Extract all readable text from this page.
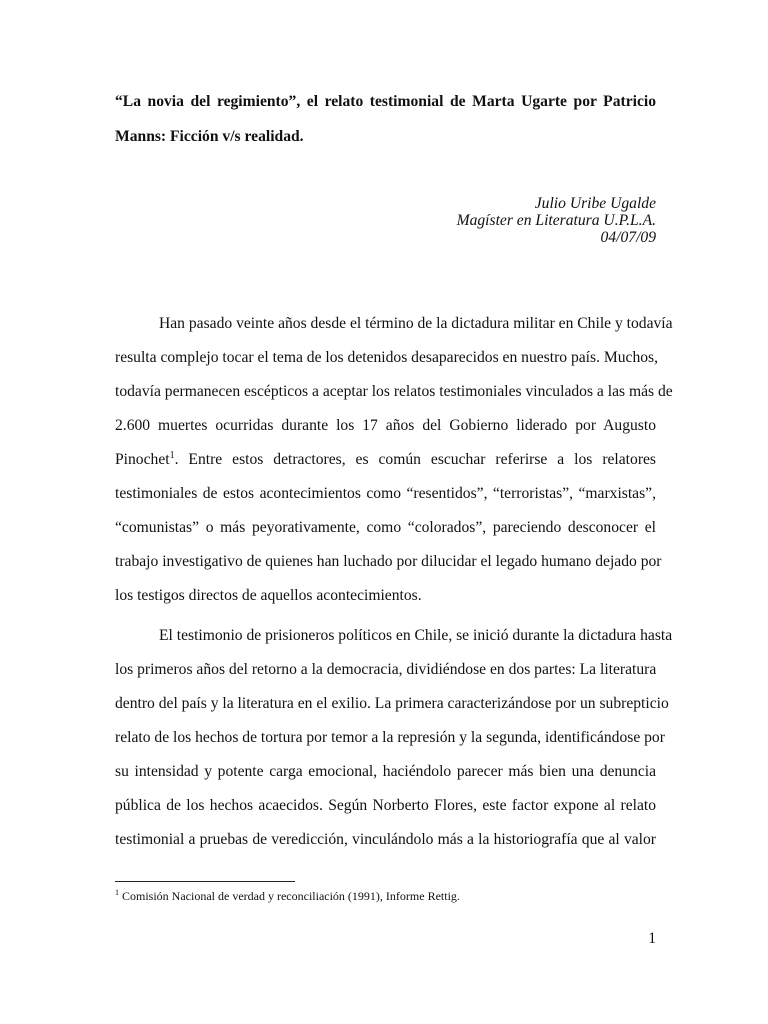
“La novia del regimiento”, el relato testimonial de Marta Ugarte por Patricio
Manns: Ficción v/s realidad.
Julio Uribe Ugalde
Magíster en Literatura U.P.L.A.
04/07/09
Han pasado veinte años desde el término de la dictadura militar en Chile y todavía
resulta complejo tocar el tema de los detenidos desaparecidos en nuestro país. Muchos,
todavía permanecen escépticos a aceptar los relatos testimoniales vinculados a las más de
2.600 muertes ocurridas durante los 17 años del Gobierno liderado por Augusto
Pinochet$^1$. Entre estos detractores, es común escuchar referirse a los relatores
testimoniales de estos acontecimientos como “resentidos”, “terroristas”, “marxistas”,
“comunistas” o más peyorativamente, como “colorados”, pareciendo desconocer el
trabajo investigativo de quienes han luchado por dilucidar el legado humano dejado por
los testigos directos de aquellos acontecimientos.
El testimonio de prisioneros políticos en Chile, se inició durante la dictadura hasta
los primeros años del retorno a la democracia, dividiéndose en dos partes: La literatura
dentro del país y la literatura en el exilio. La primera caracterizándose por un subrepticio
relato de los hechos de tortura por temor a la represión y la segunda, identificándose por
su intensidad y potente carga emocional, haciéndolo parecer más bien una denuncia
pública de los hechos acaecidos. Según Norberto Flores, este factor expone al relato
testimonial a pruebas de veredicción, vinculándolo más a la historiografía que al valor
$^1$ Comisión Nacional de verdad y reconciliación (1991), Informe Rettig.
1
